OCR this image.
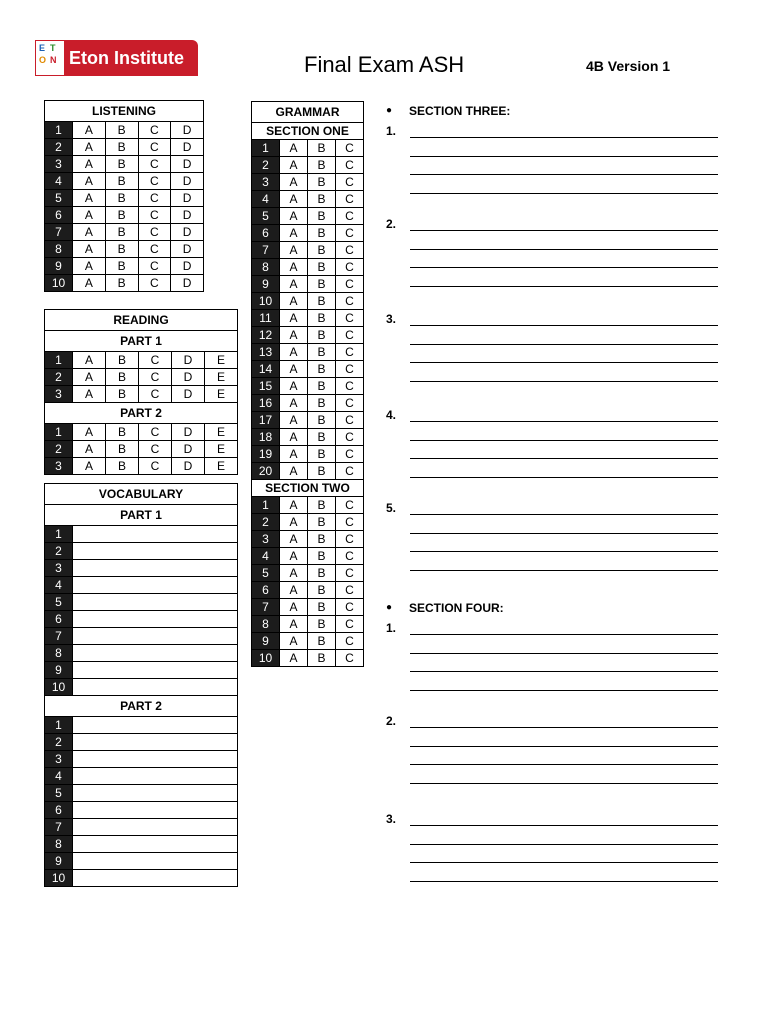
E T
O N Eton Institute	Final Exam ASH	4B Version 1
LISTENING				
1	A	B	C	D
2	A	B	C	D
3	A	B	C	D
4	A	B	C	D
5	A	B	C	D
6	A	B	C	D
7	A	B	C	D
8	A	B	C	D
9	A	B	C	D
10	A	B	C	D
READING					
PART 1					
1	A	B	C	D	E
2	A	B	C	D	E
3	A	B	C	D	E
PART 2					
1	A	B	C	D	E
2	A	B	C	D	E
3	A	B	C	D	E
VOCABULARY	
PART 1	
1	
2	
3	
4	
5	
6	
7	
8	
9	
10	
PART 2	
1	
2	
3	
4	
5	
6	
7	
8	
9	
10	
GRAMMAR			
SECTION ONE			
1	A	B	C
2	A	B	C
3	A	B	C
4	A	B	C
5	A	B	C
6	A	B	C
7	A	B	C
8	A	B	C
9	A	B	C
10	A	B	C
11	A	B	C
12	A	B	C
13	A	B	C
14	A	B	C
15	A	B	C
16	A	B	C
17	A	B	C
18	A	B	C
19	A	B	C
20	A	B	C
SECTION TWO			
1	A	B	C
2	A	B	C
3	A	B	C
4	A	B	C
5	A	B	C
6	A	B	C
7	A	B	C
8	A	B	C
9	A	B	C
10	A	B	C
● SECTION THREE:
1.
2.
3.
4.
5.
● SECTION FOUR:
1.
2.
3.
